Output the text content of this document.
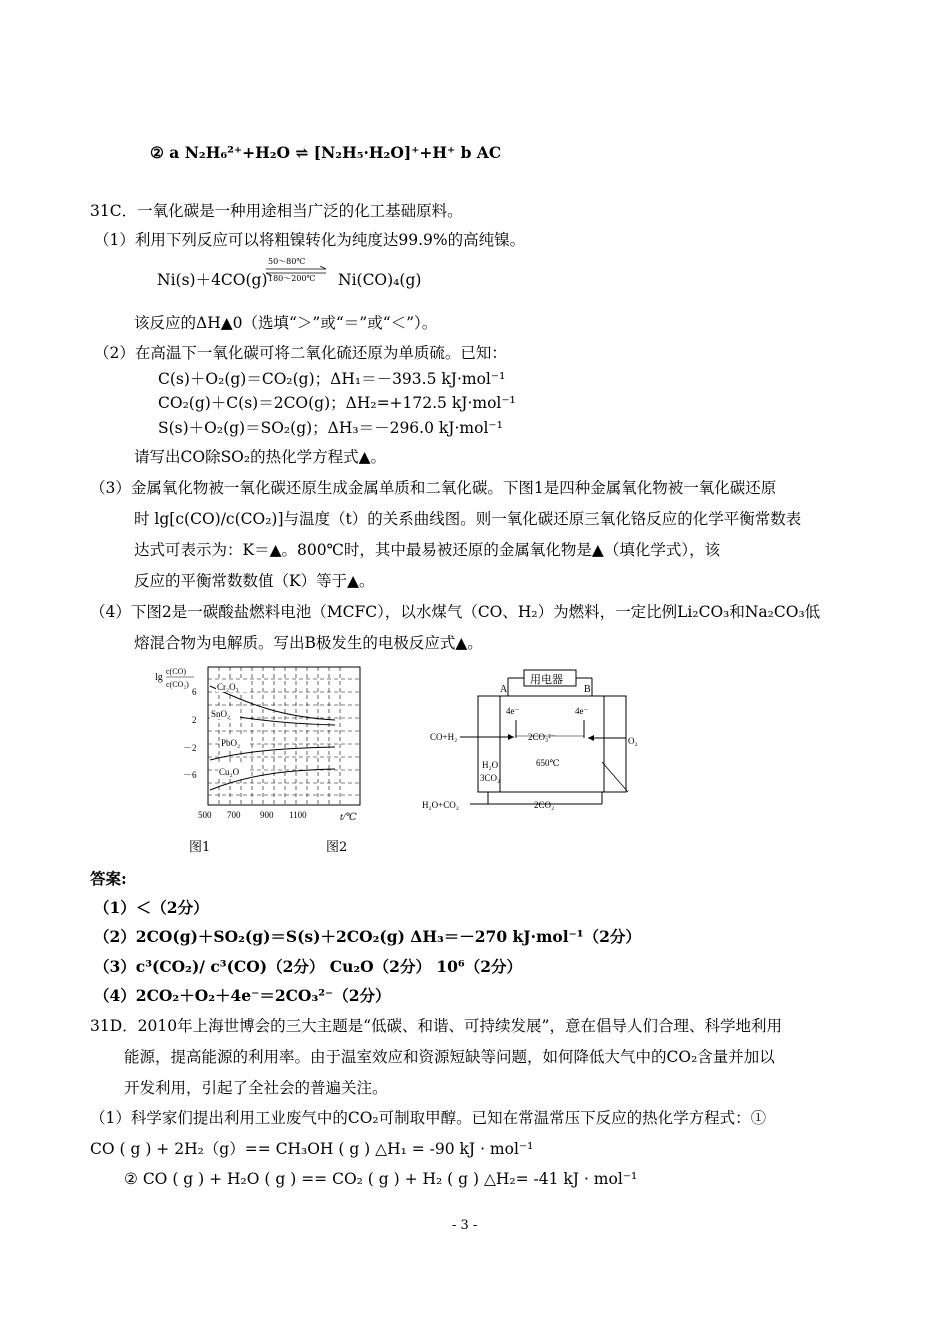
② a N₂H₆²⁺+H₂O ⇌ [N₂H₅·H₂O]⁺+H⁺ b AC
31C．一氧化碳是一种用途相当广泛的化工基础原料。
（1）利用下列反应可以将粗镍转化为纯度达99.9%的高纯镍。
Ni(s)＋4CO(g)
50～80℃
180～200℃ Ni(CO)₄(g)
该反应的ΔH▲0（选填“＞”或“＝”或“＜”）。
（2）在高温下一氧化碳可将二氧化硫还原为单质硫。已知：
C(s)＋O₂(g)＝CO₂(g)；ΔH₁＝－393.5 kJ·mol⁻¹
CO₂(g)＋C(s)＝2CO(g)；ΔH₂=+172.5 kJ·mol⁻¹
S(s)＋O₂(g)＝SO₂(g)；ΔH₃＝－296.0 kJ·mol⁻¹
请写出CO除SO₂的热化学方程式▲。
（3）金属氧化物被一氧化碳还原生成金属单质和二氧化碳。下图1是四种金属氧化物被一氧化碳还原
时 lg[c(CO)/c(CO₂)]与温度（t）的关系曲线图。则一氧化碳还原三氧化铬反应的化学平衡常数表
达式可表示为：K＝▲。800℃时，其中最易被还原的金属氧化物是▲（填化学式），该
反应的平衡常数数值（K）等于▲。
（4）下图2是一碳酸盐燃料电池（MCFC），以水煤气（CO、H₂）为燃料，一定比例Li₂CO₃和Na₂CO₃低
熔混合物为电解质。写出B极发生的电极反应式▲。
lg
c(CO)
c(CO₂)
6
2
－2
－6
Cr₂O₃
SnO₂
PbO₂
Cu₂O
500 700 900 1100	t/℃
图1
用电器
A	B
4e⁻	4e⁻
2CO₃²⁻
650℃
CO+H₂	O₂
H₂O
3CO₂
H₂O+CO₂	2CO₂
图2
答案:
（1）＜（2分）
（2）2CO(g)＋SO₂(g)＝S(s)＋2CO₂(g) ΔH₃＝－270 kJ·mol⁻¹（2分）
（3）c³(CO₂)/ c³(CO)（2分） Cu₂O（2分） 10⁶（2分）
（4）2CO₂＋O₂＋4e⁻＝2CO₃²⁻（2分）
31D．2010年上海世博会的三大主题是“低碳、和谐、可持续发展”，意在倡导人们合理、科学地利用
能源，提高能源的利用率。由于温室效应和资源短缺等问题，如何降低大气中的CO₂含量并加以
开发利用，引起了全社会的普遍关注。
（1）科学家们提出利用工业废气中的CO₂可制取甲醇。已知在常温常压下反应的热化学方程式：①
CO ( g ) + 2H₂（g）== CH₃OH ( g ) △H₁ = -90 kJ · mol⁻¹
② CO ( g ) + H₂O ( g ) == CO₂ ( g ) + H₂ ( g ) △H₂= -41 kJ · mol⁻¹
- 3 -
